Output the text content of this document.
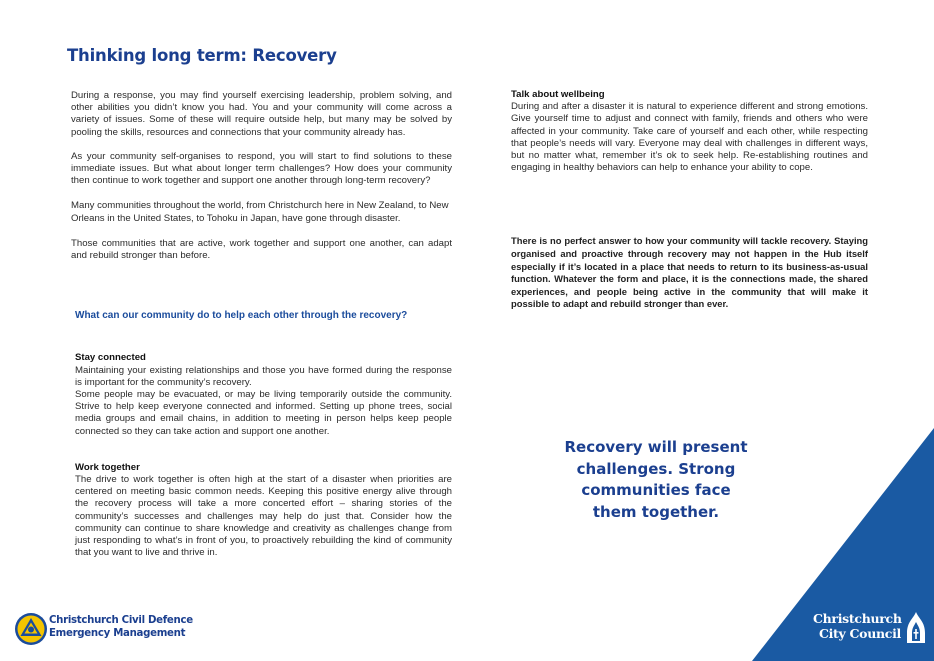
Thinking long term: Recovery

During a response, you may find yourself exercising leadership, problem solving, and other abilities you didn’t know you had. You and your community will come across a variety of issues. Some of these will require outside help, but many may be solved by pooling the skills, resources and connections that your community already has.

As your community self-organises to respond, you will start to find solutions to these immediate issues. But what about longer term challenges? How does your community then continue to work together and support one another through long-term recovery?

Many communities throughout the world, from Christchurch here in New Zealand, to New Orleans in the United States, to Tohoku in Japan, have gone through disaster.

Those communities that are active, work together and support one another, can adapt and rebuild stronger than before.

What can our community do to help each other through the recovery?

Stay connected

Maintaining your existing relationships and those you have formed during the response is important for the community’s recovery.

Some people may be evacuated, or may be living temporarily outside the community. Strive to help keep everyone connected and informed. Setting up phone trees, social media groups and email chains, in addition to meeting in person helps keep people connected so they can take action and support one another.

Work together

The drive to work together is often high at the start of a disaster when priorities are centered on meeting basic common needs. Keeping this positive energy alive through the recovery process will take a more concerted effort – sharing stories of the community’s successes and challenges may help do just that. Consider how the community can continue to share knowledge and creativity as challenges change from just responding to what’s in front of you, to proactively rebuilding the kind of community that you want to live and thrive in.

Talk about wellbeing

During and after a disaster it is natural to experience different and strong emotions. Give yourself time to adjust and connect with family, friends and others who were affected in your community. Take care of yourself and each other, while respecting that people’s needs will vary. Everyone may deal with challenges in different ways, but no matter what, remember it’s ok to seek help. Re-establishing routines and engaging in healthy behaviors can help to enhance your ability to cope.

There is no perfect answer to how your community will tackle recovery. Staying organised and proactive through recovery may not happen in the Hub itself especially if it’s located in a place that needs to return to its business-as-usual function. Whatever the form and place, it is the connections made, the shared experiences, and people being active in the community that will make it possible to adapt and rebuild stronger than ever.

Recovery will present challenges. Strong communities face them together.

Christchurch Civil Defence
Emergency Management
Christchurch
City Council
